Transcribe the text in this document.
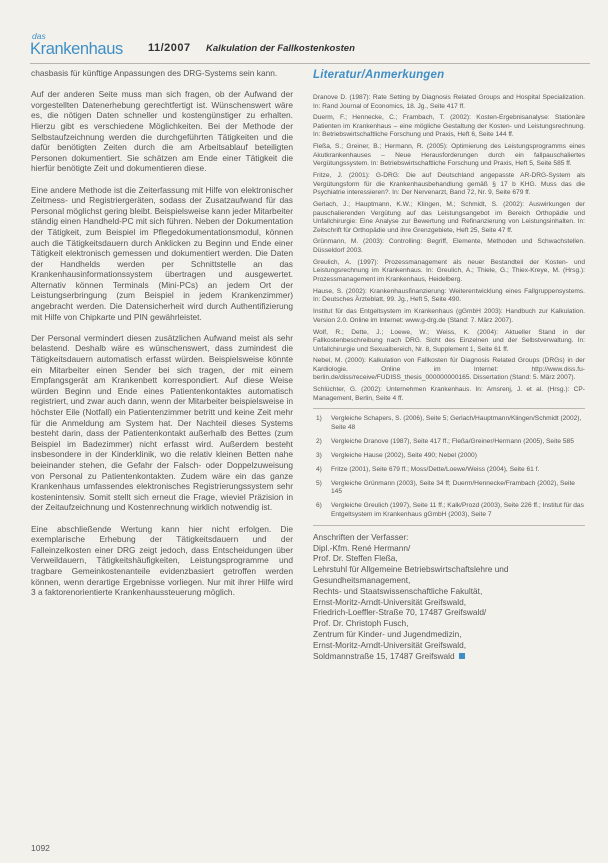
das
Krankenhaus 11/2007 Kalkulation der Fallkostenkosten

chasbasis für künftige Anpassungen des DRG-Systems sein kann.

Auf der anderen Seite muss man sich fragen, ob der Aufwand der vorgestellten Datenerhebung gerechtfertigt ist. Wünschenswert wäre es, die nötigen Daten schneller und kostengünstiger zu erhalten. Hierzu gibt es verschiedene Möglichkeiten. Bei der Methode der Selbstaufzeichnung werden die durchgeführten Tätigkeiten und die dafür benötigten Zeiten durch die am Arbeitsablauf beteiligten Personen dokumentiert. Sie schätzen am Ende einer Tätigkeit die hierfür benötigte Zeit und dokumentieren diese.

Eine andere Methode ist die Zeiterfassung mit Hilfe von elektronischer Zeitmess- und Registriergeräten, sodass der Zusatzaufwand für das Personal möglichst gering bleibt. Beispielsweise kann jeder Mitarbeiter ständig einen Handheld-PC mit sich führen. Neben der Dokumentation der Tätigkeit, zum Beispiel im Pflegedokumentationsmodul, können auch die Tätigkeitsdauern durch Anklicken zu Beginn und Ende einer Tätigkeit elektronisch gemessen und dokumentiert werden. Die Daten der Handhelds werden per Schnittstelle an das Krankenhausinformationssystem übertragen und ausgewertet. Alternativ können Terminals (Mini-PCs) an jedem Ort der Leistungserbringung (zum Beispiel in jedem Krankenzimmer) angebracht werden. Die Datensicherheit wird durch Authentifizierung mit Hilfe von Chipkarte und PIN gewährleistet.

Der Personal vermindert diesen zusätzlichen Aufwand meist als sehr belastend. Deshalb wäre es wünschenswert, dass zumindest die Tätigkeitsdauern automatisch erfasst würden. Beispielsweise könnte ein Mitarbeiter einen Sender bei sich tragen, der mit einem Empfangsgerät am Krankenbett korrespondiert. Auf diese Weise würden Beginn und Ende eines Patientenkontaktes automatisch registriert, und zwar auch dann, wenn der Mitarbeiter beispielsweise in höchster Eile (Notfall) ein Patientenzimmer betritt und keine Zeit mehr für die Anmeldung am System hat. Der Nachteil dieses Systems besteht darin, dass der Patientenkontakt außerhalb des Bettes (zum Beispiel im Badezimmer) nicht erfasst wird. Außerdem besteht insbesondere in der Kinderklinik, wo die relativ kleinen Betten nahe beieinander stehen, die Gefahr der Falsch- oder Doppelzuweisung von Personal zu Patientenkontakten. Zudem wäre ein das ganze Krankenhaus umfassendes elektronisches Registrierungssystem sehr kostenintensiv. Somit stellt sich erneut die Frage, wieviel Präzision in der Zeitaufzeichnung und Kostenrechnung wirklich notwendig ist.

Eine abschließende Wertung kann hier nicht erfolgen. Die exemplarische Erhebung der Tätigkeitsdauern und der Falleinzelkosten einer DRG zeigt jedoch, dass Entscheidungen über Verweildauern, Tätigkeitshäufigkeiten, Leistungsprogramme und tragbare Gemeinkostenanteile evidenzbasiert getroffen werden können, wenn derartige Ergebnisse vorliegen. Nur mit ihrer Hilfe wird 3 a faktorenorientierte Krankenhaussteuerung möglich.

Literatur/Anmerkungen
Dranove D. (1987): Rate Setting by Diagnosis Related Groups and Hospital Specialization. In: Rand Journal of Economics, 18. Jg., Seite 417 ff.
Duerm, F.; Hennecke, C.; Frambach, T. (2002): Kosten-Ergebnisanalyse: Stationäre Patienten im Krankenhaus – eine mögliche Gestaltung der Kosten- und Leistungsrechnung. In: Betriebswirtschaftliche Forschung und Praxis, Heft 6, Seite 144 ff.
Fleßa, S.; Greiner, B.; Hermann, R. (2005): Optimierung des Leistungsprogramms eines Akutkrankenhauses – Neue Herausforderungen durch ein fallpauschaliertes Vergütungssystem. In: Betriebswirtschaftliche Forschung und Praxis, Heft 5, Seite 585 ff.
Fritze, J. (2001): G-DRG: Die auf Deutschland angepasste AR-DRG-System als Vergütungsform für die Krankenhausbehandlung gemäß § 17 b KHG. Muss das die Psychiatrie interessieren?. In: Der Nervenarzt, Band 72, Nr. 9, Seite 679 ff.
Gerlach, J.; Hauptmann, K.W.; Klingen, M.; Schmidt, S. (2002): Auswirkungen der pauschalierenden Vergütung auf das Leistungsangebot im Bereich Orthopädie und Unfallchirurgie: Eine Analyse zur Bewertung und Refinanzierung von Leistungsinhalten. In: Zeitschrift für Orthopädie und ihre Grenzgebiete, Heft 25, Seite 47 ff.
Grünmann, M. (2003): Controlling: Begriff, Elemente, Methoden und Schwachstellen. Düsseldorf 2003.
Greulich, A. (1997): Prozessmanagement als neuer Bestandteil der Kosten- und Leistungsrechnung im Krankenhaus. In: Greulich, A.; Thiele, G.; Thiex-Kreye, M. (Hrsg.): Prozessmanagement im Krankenhaus, Heidelberg.
Hause, S. (2002): Krankenhausfinanzierung: Weiterentwicklung eines Fallgruppensystems. In: Deutsches Ärzteblatt, 99. Jg., Heft 5, Seite 490.
Institut für das Entgeltsystem im Krankenhaus (gGmbH 2003): Handbuch zur Kalkulation. Version 2.0. Online im Internet: www.g-drg.de (Stand: 7. März 2007).
Wolf, R.; Dette, J.; Loewe, W.; Weiss, K. (2004): Aktueller Stand in der Fallkostenbeschreibung nach DRG. Sicht des Einzelnen und der Selbstverwaltung. In: Unfallchirurgie und Sexualbereich, Nr. 8, Supplement 1, Seite 61 ff.
Nebel, M. (2000): Kalkulation von Fallkosten für Diagnosis Related Groups (DRGs) in der Kardiologie. Online im Internet: http://www.diss.fu-berlin.de/diss/receive/FUDISS_thesis_000000000165. Dissertation (Stand: 5. März 2007).
Schlüchter, G. (2002): Unternehmen Krankenhaus. In: Amsrenj, J. et al. (Hrsg.): CP-Management, Berlin, Seite 4 ff.
1) Vergleiche Schapers, S. (2006), Seite 5; Gerlach/Hauptmann/Klingen/Schmidt (2002), Seite 48
2) Vergleiche Dranove (1987), Seite 417 ff.; Fleßa/Greiner/Hermann (2005), Seite 585
3) Vergleiche Hause (2002), Seite 490; Nebel (2000)
4) Fritze (2001), Seite 679 ff.; Moss/Dette/Loewe/Weiss (2004), Seite 61 f.
5) Vergleiche Grünmann (2003), Seite 34 ff; Duerm/Hennecke/Frambach (2002), Seite 145
6) Vergleiche Greulich (1997), Seite 11 ff.; Kalk/Prozd (2003), Seite 226 ff.; Institut für das Entgeltsystem im Krankenhaus gGmbH (2003), Seite 7
Anschriften der Verfasser:
Dipl.-Kfm. René Hermann/
Prof. Dr. Steffen Fleßa,
Lehrstuhl für Allgemeine Betriebswirtschaftslehre und
Gesundheitsmanagement,
Rechts- und Staatswissenschaftliche Fakultät,
Ernst-Moritz-Arndt-Universität Greifswald,
Friedrich-Loeffler-Straße 70, 17487 Greifswald/
Prof. Dr. Christoph Fusch,
Zentrum für Kinder- und Jugendmedizin,
Ernst-Moritz-Arndt-Universität Greifswald,
Soldmannstraße 15, 17487 Greifswald
1092
